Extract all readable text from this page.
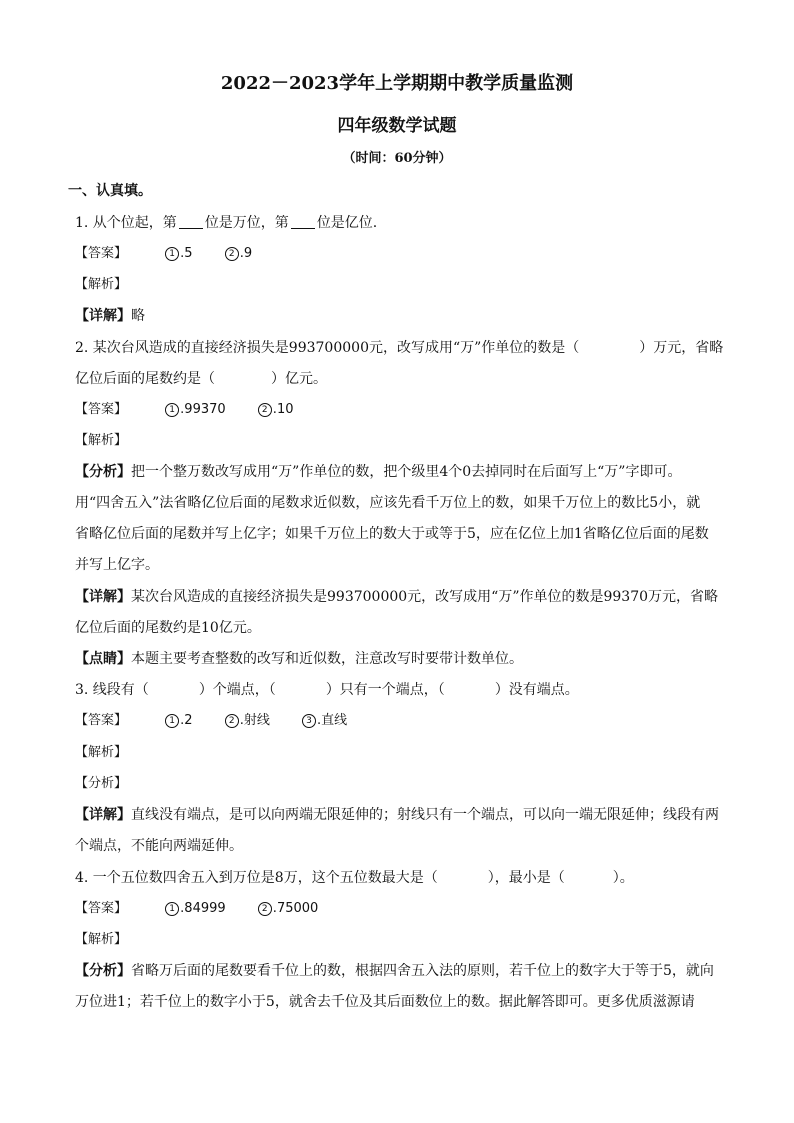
2022－2023学年上学期期中教学质量监测
四年级数学试题
（时间：60分钟）
一、认真填。
1. 从个位起，第 位是万位，第 位是亿位.
【答案】	1 .5	2 .9
【解析】
【详解】略
2. 某次台风造成的直接经济损失是993700000元，改写成用“万”作单位的数是（	）万元，省略
亿位后面的尾数约是（	）亿元。
【答案】	1 .99370	2 .10
【解析】
【分析】把一个整万数改写成用“万”作单位的数，把个级里4个0去掉同时在后面写上“万”字即可。
用“四舍五入”法省略亿位后面的尾数求近似数，应该先看千万位上的数，如果千万位上的数比5小，就
省略亿位后面的尾数并写上亿字；如果千万位上的数大于或等于5，应在亿位上加1省略亿位后面的尾数
并写上亿字。
【详解】某次台风造成的直接经济损失是993700000元，改写成用“万”作单位的数是99370万元，省略
亿位后面的尾数约是10亿元。
【点睛】本题主要考查整数的改写和近似数，注意改写时要带计数单位。
3. 线段有（	）个端点，（	）只有一个端点，（	）没有端点。
【答案】	1 .2	2 .射线	3 .直线
【解析】
【分析】
【详解】直线没有端点，是可以向两端无限延伸的；射线只有一个端点，可以向一端无限延伸；线段有两
个端点，不能向两端延伸。
4. 一个五位数四舍五入到万位是8万，这个五位数最大是（	），最小是（	）。
【答案】	1 .84999	2 .75000
【解析】
【分析】省略万后面的尾数要看千位上的数，根据四舍五入法的原则，若千位上的数字大于等于5，就向
万位进1；若千位上的数字小于5，就舍去千位及其后面数位上的数。据此解答即可。更多优质滋源请
